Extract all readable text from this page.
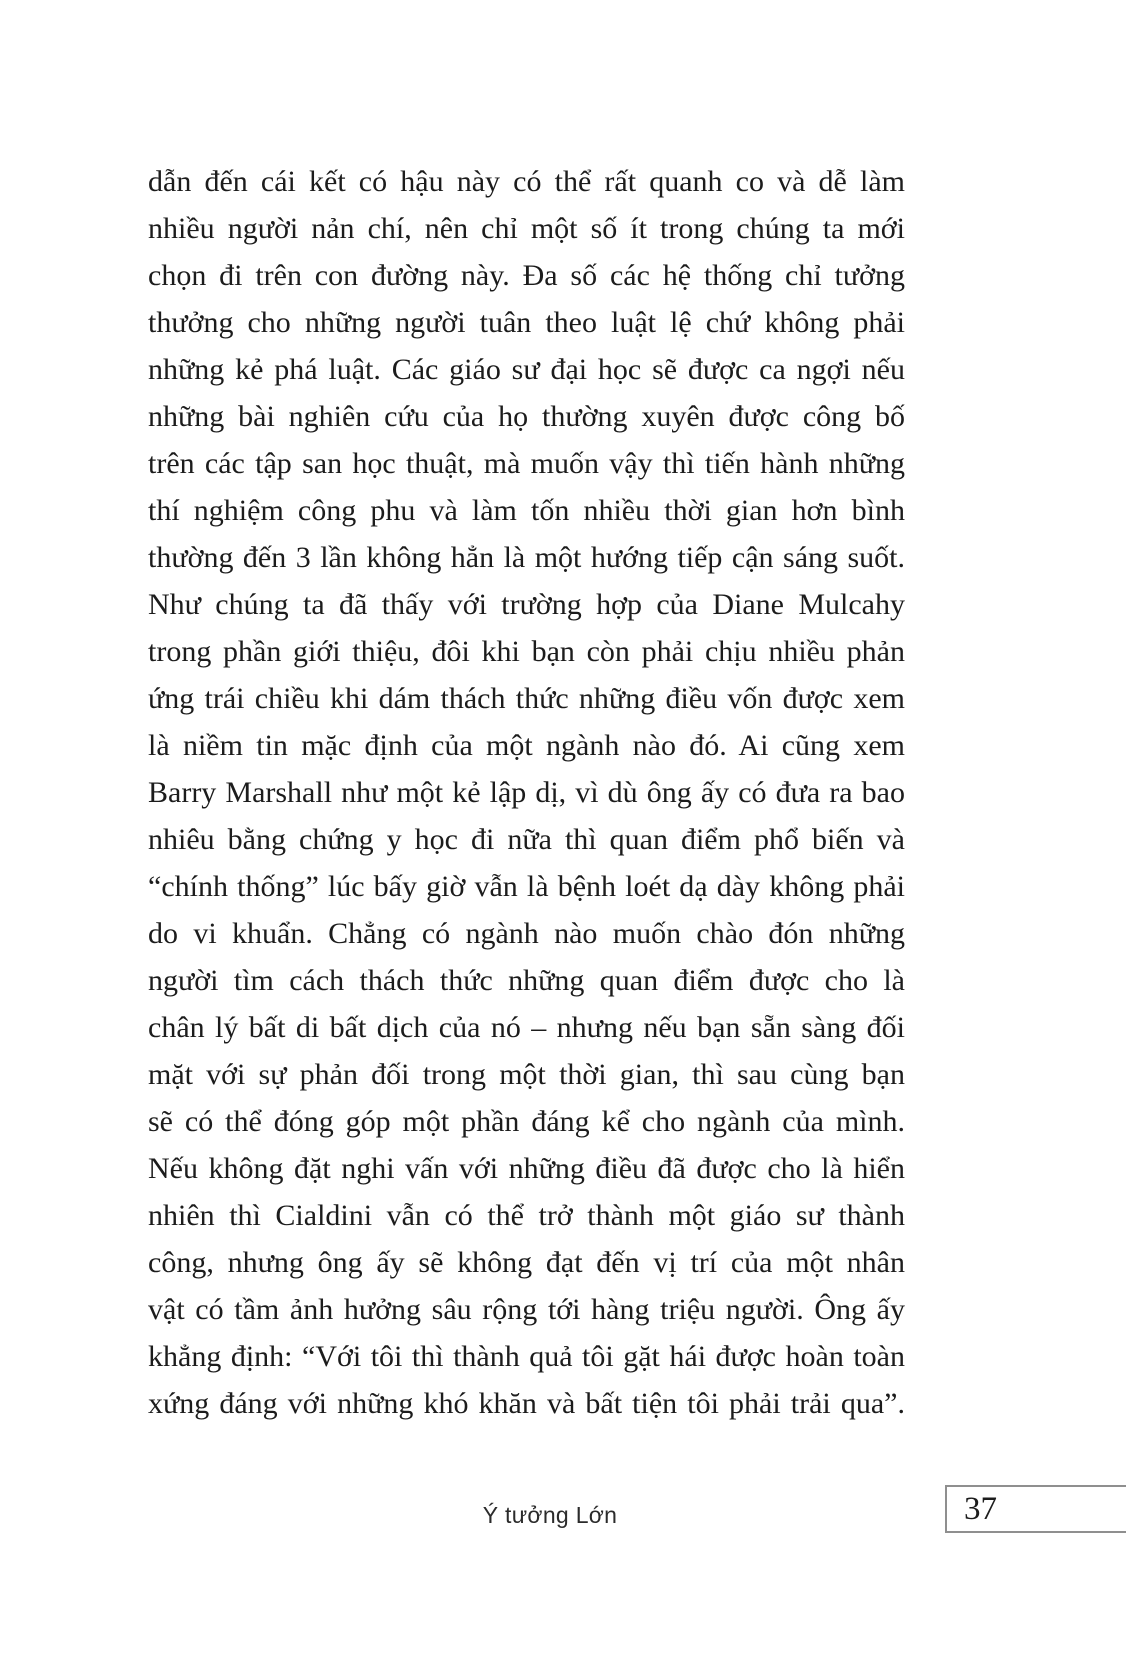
dẫn đến cái kết có hậu này có thể rất quanh co và dễ làm
nhiều người nản chí, nên chỉ một số ít trong chúng ta mới
chọn đi trên con đường này. Đa số các hệ thống chỉ tưởng
thưởng cho những người tuân theo luật lệ chứ không phải
những kẻ phá luật. Các giáo sư đại học sẽ được ca ngợi nếu
những bài nghiên cứu của họ thường xuyên được công bố
trên các tập san học thuật, mà muốn vậy thì tiến hành những
thí nghiệm công phu và làm tốn nhiều thời gian hơn bình
thường đến 3 lần không hẳn là một hướng tiếp cận sáng suốt.
Như chúng ta đã thấy với trường hợp của Diane Mulcahy
trong phần giới thiệu, đôi khi bạn còn phải chịu nhiều phản
ứng trái chiều khi dám thách thức những điều vốn được xem
là niềm tin mặc định của một ngành nào đó. Ai cũng xem
Barry Marshall như một kẻ lập dị, vì dù ông ấy có đưa ra bao
nhiêu bằng chứng y học đi nữa thì quan điểm phổ biến và
“chính thống” lúc bấy giờ vẫn là bệnh loét dạ dày không phải
do vi khuẩn. Chẳng có ngành nào muốn chào đón những
người tìm cách thách thức những quan điểm được cho là
chân lý bất di bất dịch của nó – nhưng nếu bạn sẵn sàng đối
mặt với sự phản đối trong một thời gian, thì sau cùng bạn
sẽ có thể đóng góp một phần đáng kể cho ngành của mình.
Nếu không đặt nghi vấn với những điều đã được cho là hiển
nhiên thì Cialdini vẫn có thể trở thành một giáo sư thành
công, nhưng ông ấy sẽ không đạt đến vị trí của một nhân
vật có tầm ảnh hưởng sâu rộng tới hàng triệu người. Ông ấy
khẳng định: “Với tôi thì thành quả tôi gặt hái được hoàn toàn
xứng đáng với những khó khăn và bất tiện tôi phải trải qua”.
Ý tưởng Lớn	37
